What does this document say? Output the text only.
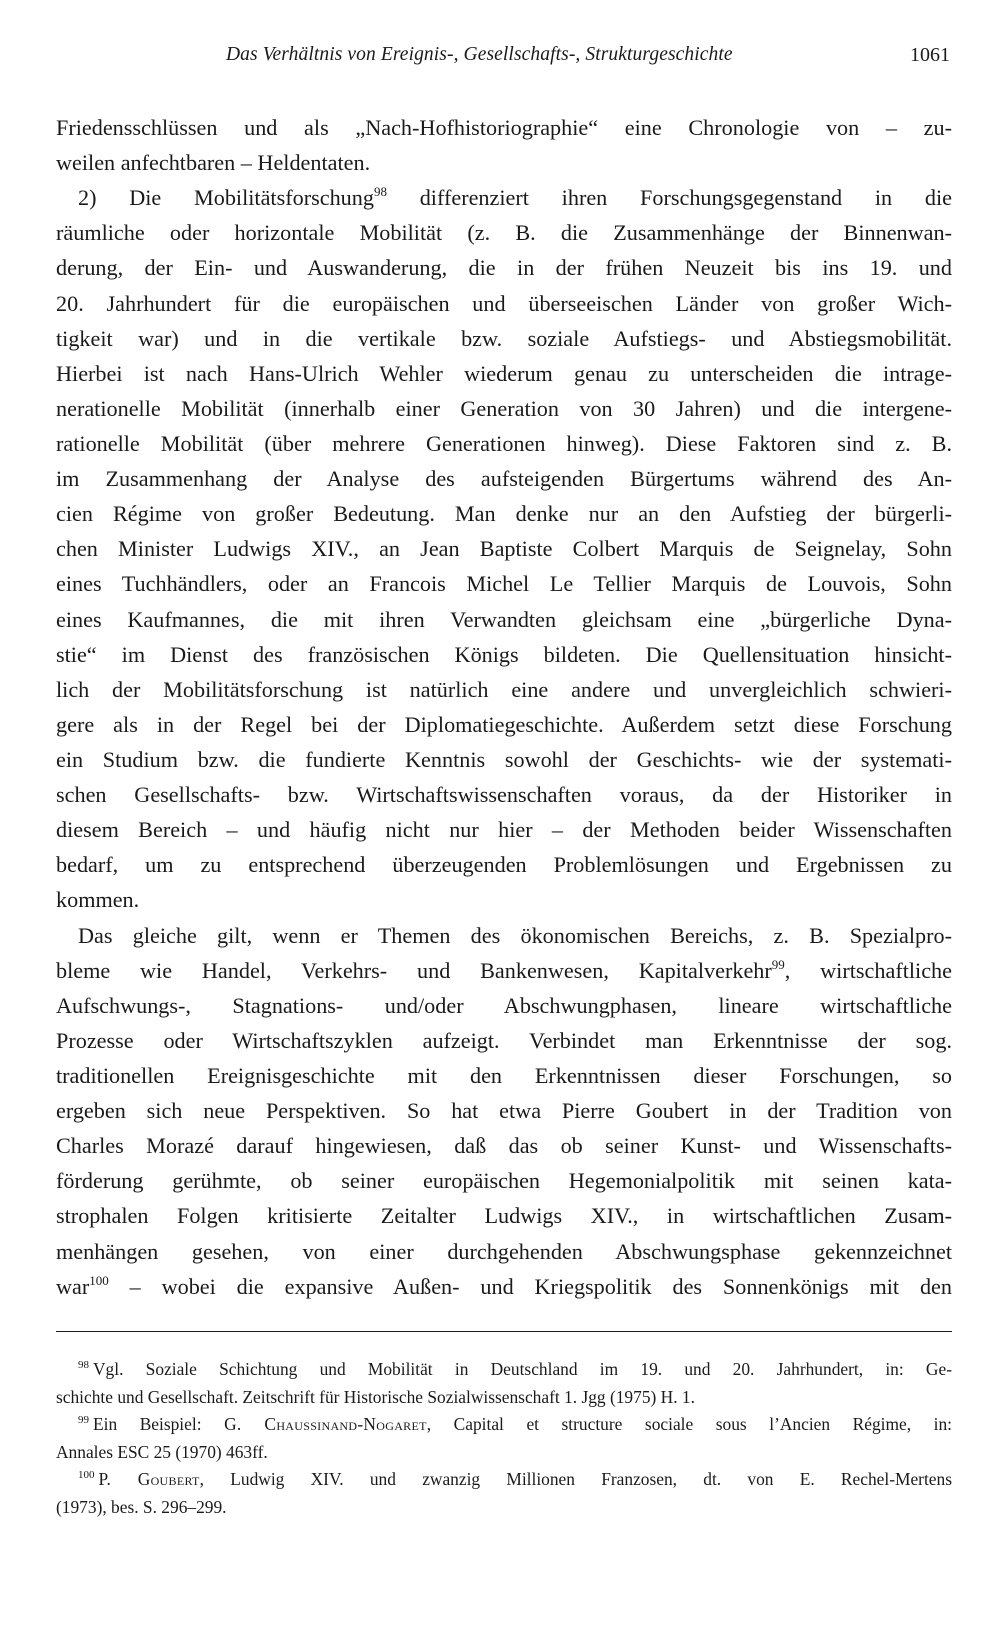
Das Verhältnis von Ereignis-, Gesellschafts-, Strukturgeschichte	1061
Friedensschlüssen und als „Nach-Hofhistoriographie“ eine Chronologie von – zu-
weilen anfechtbaren – Heldentaten.
2) Die Mobilitätsforschung$^{98}$ differenziert ihren Forschungsgegenstand in die
räumliche oder horizontale Mobilität (z. B. die Zusammenhänge der Binnenwan-
derung, der Ein- und Auswanderung, die in der frühen Neuzeit bis ins 19. und
20. Jahrhundert für die europäischen und überseeischen Länder von großer Wich-
tigkeit war) und in die vertikale bzw. soziale Aufstiegs- und Abstiegsmobilität.
Hierbei ist nach Hans-Ulrich Wehler wiederum genau zu unterscheiden die intrage-
nerationelle Mobilität (innerhalb einer Generation von 30 Jahren) und die intergene-
rationelle Mobilität (über mehrere Generationen hinweg). Diese Faktoren sind z. B.
im Zusammenhang der Analyse des aufsteigenden Bürgertums während des An-
cien Régime von großer Bedeutung. Man denke nur an den Aufstieg der bürgerli-
chen Minister Ludwigs XIV., an Jean Baptiste Colbert Marquis de Seignelay, Sohn
eines Tuchhändlers, oder an Francois Michel Le Tellier Marquis de Louvois, Sohn
eines Kaufmannes, die mit ihren Verwandten gleichsam eine „bürgerliche Dyna-
stie“ im Dienst des französischen Königs bildeten. Die Quellensituation hinsicht-
lich der Mobilitätsforschung ist natürlich eine andere und unvergleichlich schwieri-
gere als in der Regel bei der Diplomatiegeschichte. Außerdem setzt diese Forschung
ein Studium bzw. die fundierte Kenntnis sowohl der Geschichts- wie der systemati-
schen Gesellschafts- bzw. Wirtschaftswissenschaften voraus, da der Historiker in
diesem Bereich – und häufig nicht nur hier – der Methoden beider Wissenschaften
bedarf, um zu entsprechend überzeugenden Problemlösungen und Ergebnissen zu
kommen.
Das gleiche gilt, wenn er Themen des ökonomischen Bereichs, z. B. Spezialpro-
bleme wie Handel, Verkehrs- und Bankenwesen, Kapitalverkehr$^{99}$, wirtschaftliche
Aufschwungs-, Stagnations- und/oder Abschwungphasen, lineare wirtschaftliche
Prozesse oder Wirtschaftszyklen aufzeigt. Verbindet man Erkenntnisse der sog.
traditionellen Ereignisgeschichte mit den Erkenntnissen dieser Forschungen, so
ergeben sich neue Perspektiven. So hat etwa Pierre Goubert in der Tradition von
Charles Morazé darauf hingewiesen, daß das ob seiner Kunst- und Wissenschafts-
förderung gerühmte, ob seiner europäischen Hegemonialpolitik mit seinen kata-
strophalen Folgen kritisierte Zeitalter Ludwigs XIV., in wirtschaftlichen Zusam-
menhängen gesehen, von einer durchgehenden Abschwungsphase gekennzeichnet
war$^{100}$ – wobei die expansive Außen- und Kriegspolitik des Sonnenkönigs mit den
$^{98}$ Vgl. Soziale Schichtung und Mobilität in Deutschland im 19. und 20. Jahrhundert, in: Ge-
schichte und Gesellschaft. Zeitschrift für Historische Sozialwissenschaft 1. Jgg (1975) H. 1.
$^{99}$ Ein Beispiel: G. Chaussinand-Nogaret, Capital et structure sociale sous l’Ancien Régime, in:
Annales ESC 25 (1970) 463ff.
$^{100}$ P. Goubert, Ludwig XIV. und zwanzig Millionen Franzosen, dt. von E. Rechel-Mertens
(1973), bes. S. 296–299.
